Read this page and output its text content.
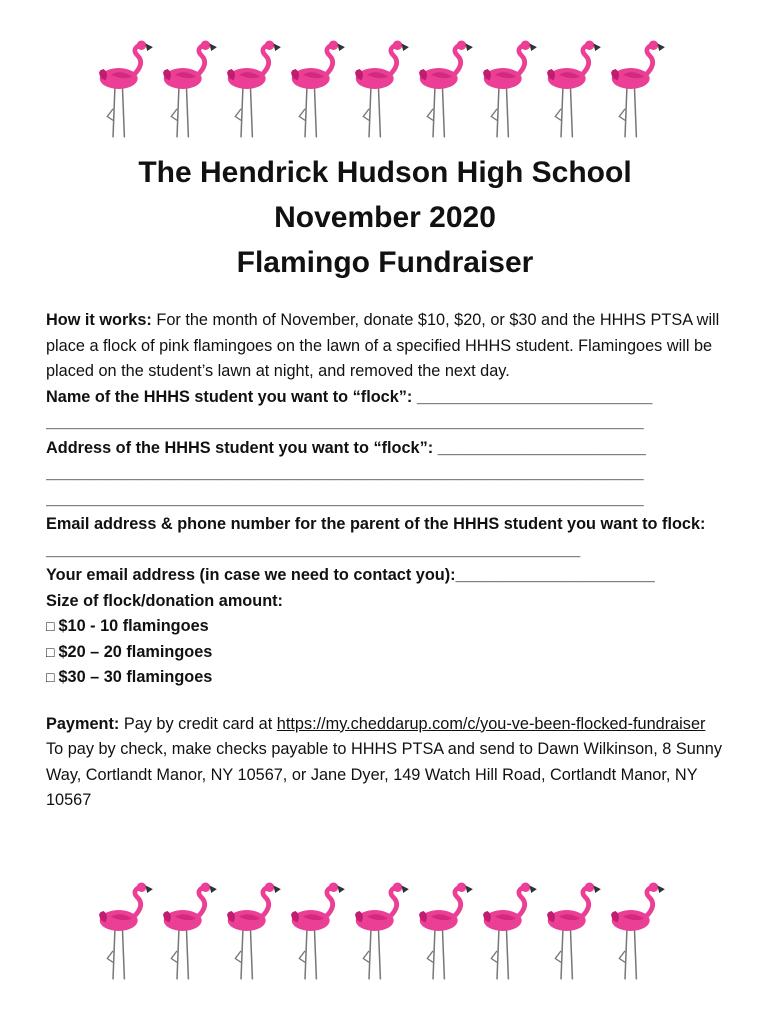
The Hendrick Hudson High School
November 2020
Flamingo Fundraiser

How it works: For the month of November, donate $10, $20, or $30 and the HHHS PTSA will place a flock of pink flamingoes on the lawn of a specified HHHS student. Flamingoes will be placed on the student’s lawn at night, and removed the next day.

Name of the HHHS student you want to “flock”: __________________________

__________________________________________________________________

Address of the HHHS student you want to “flock”: _______________________

__________________________________________________________________
__________________________________________________________________

Email address & phone number for the parent of the HHHS student you want to flock: ___________________________________________________________

Your email address (in case we need to contact you):______________________

Size of flock/donation amount:

□ $10 - 10 flamingoes

□ $20 – 20 flamingoes

□ $30 – 30 flamingoes

Payment: Pay by credit card at https://my.cheddarup.com/c/you-ve-been-flocked-fundraiser

To pay by check, make checks payable to HHHS PTSA and send to Dawn Wilkinson, 8 Sunny Way, Cortlandt Manor, NY 10567, or Jane Dyer, 149 Watch Hill Road, Cortlandt Manor, NY 10567
